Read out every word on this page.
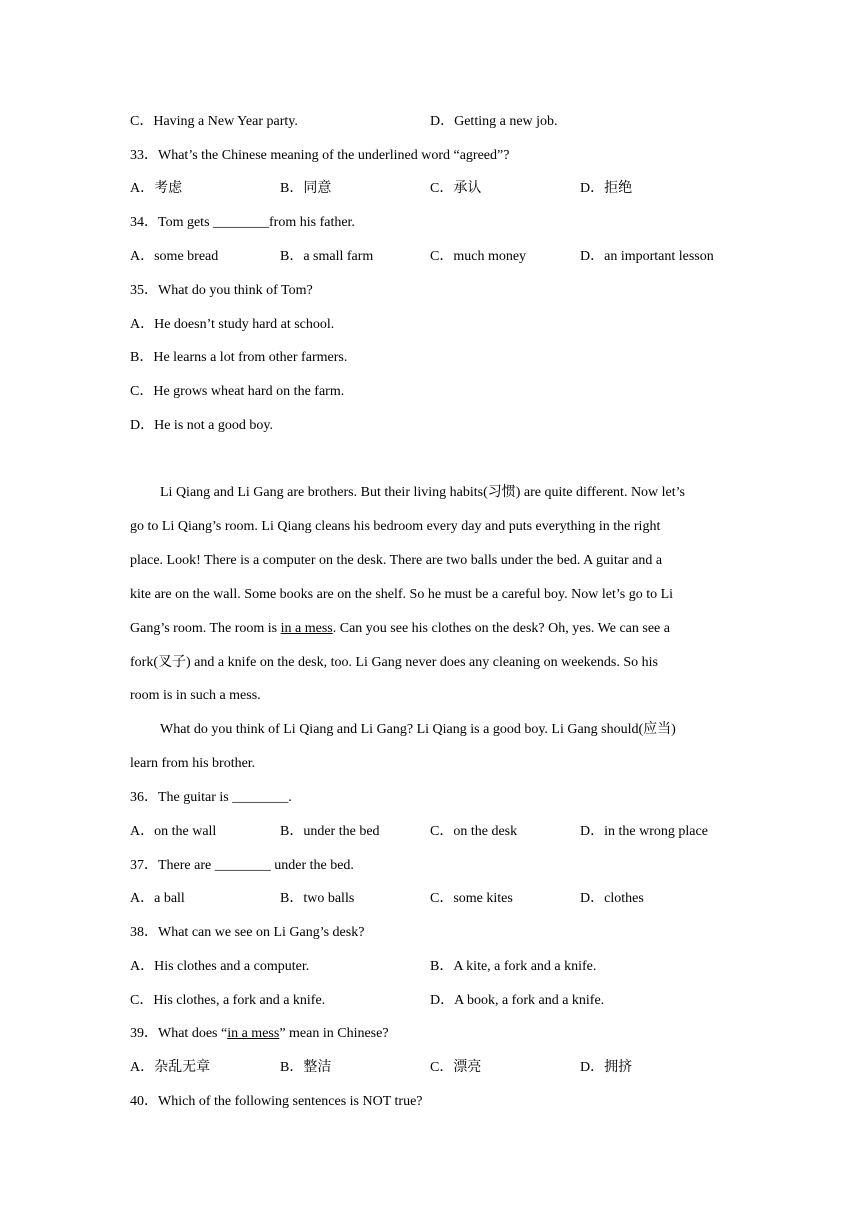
C．Having a New Year party.	D．Getting a new job.
33．What’s the Chinese meaning of the underlined word “agreed”?
A．考虑	B．同意	C．承认	D．拒绝
34．Tom gets ________from his father.
A．some bread	B．a small farm	C．much money	D．an important lesson
35．What do you think of Tom?
A．He doesn’t study hard at school.
B．He learns a lot from other farmers.
C．He grows wheat hard on the farm.
D．He is not a good boy.
Li Qiang and Li Gang are brothers. But their living habits(习惯) are quite different. Now let’s
go to Li Qiang’s room. Li Qiang cleans his bedroom every day and puts everything in the right
place. Look! There is a computer on the desk. There are two balls under the bed. A guitar and a
kite are on the wall. Some books are on the shelf. So he must be a careful boy. Now let’s go to Li
Gang’s room. The room is in a mess. Can you see his clothes on the desk? Oh, yes. We can see a
fork(叉子) and a knife on the desk, too. Li Gang never does any cleaning on weekends. So his
room is in such a mess.
What do you think of Li Qiang and Li Gang? Li Qiang is a good boy. Li Gang should(应当)
learn from his brother.
36．The guitar is ________.
A．on the wall	B．under the bed	C．on the desk	D．in the wrong place
37．There are ________ under the bed.
A．a ball	B．two balls	C．some kites	D．clothes
38．What can we see on Li Gang’s desk?
A．His clothes and a computer.	B．A kite, a fork and a knife.
C．His clothes, a fork and a knife.	D．A book, a fork and a knife.
39．What does “in a mess” mean in Chinese?
A．杂乱无章	B．整洁	C．漂亮	D．拥挤
40．Which of the following sentences is NOT true?
